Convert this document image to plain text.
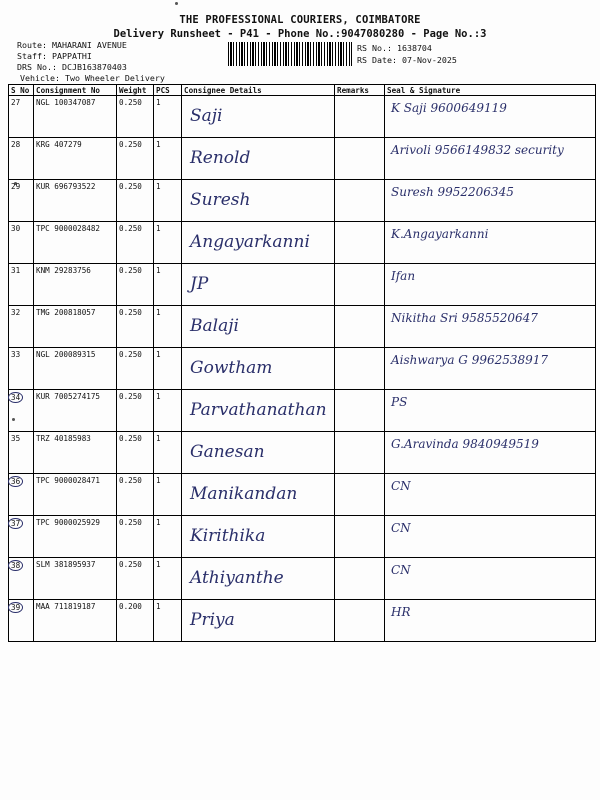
THE PROFESSIONAL COURIERS, COIMBATORE
Delivery Runsheet - P41 - Phone No.:9047080280 - Page No.:3
Route: MAHARANI AVENUE
Staff: PAPPATHI
DRS No.: DCJB163870403
Vehicle: Two Wheeler Delivery
RS No.: 1638704
RS Date: 07-Nov-2025
S No	Consignment No	Weight	PCS	Consignee Details	Remarks	Seal & Signature
27	NGL 100347087	0.250	1	Saji		K Saji 9600649119

28	KRG 407279	0.250	1	Renold		Arivoli 9566149832 security

29	KUR 696793522	0.250	1	Suresh		Suresh 9952206345

30	TPC 9000028482	0.250	1	Angayarkanni		K.Angayarkanni

31	KNM 29283756	0.250	1	JP		Ifan

32	TMG 200818057	0.250	1	Balaji		Nikitha Sri 9585520647

33	NGL 200089315	0.250	1	Gowtham		Aishwarya G 9962538917

34	KUR 7005274175	0.250	1	Parvathanathan		PS

35	TRZ 40185983	0.250	1	Ganesan		G.Aravinda 9840949519

36	TPC 9000028471	0.250	1	Manikandan		CN

37	TPC 9000025929	0.250	1	Kirithika		CN

38	SLM 381895937	0.250	1	Athiyanthe		CN

39	MAA 711819187	0.200	1	Priya		HR
